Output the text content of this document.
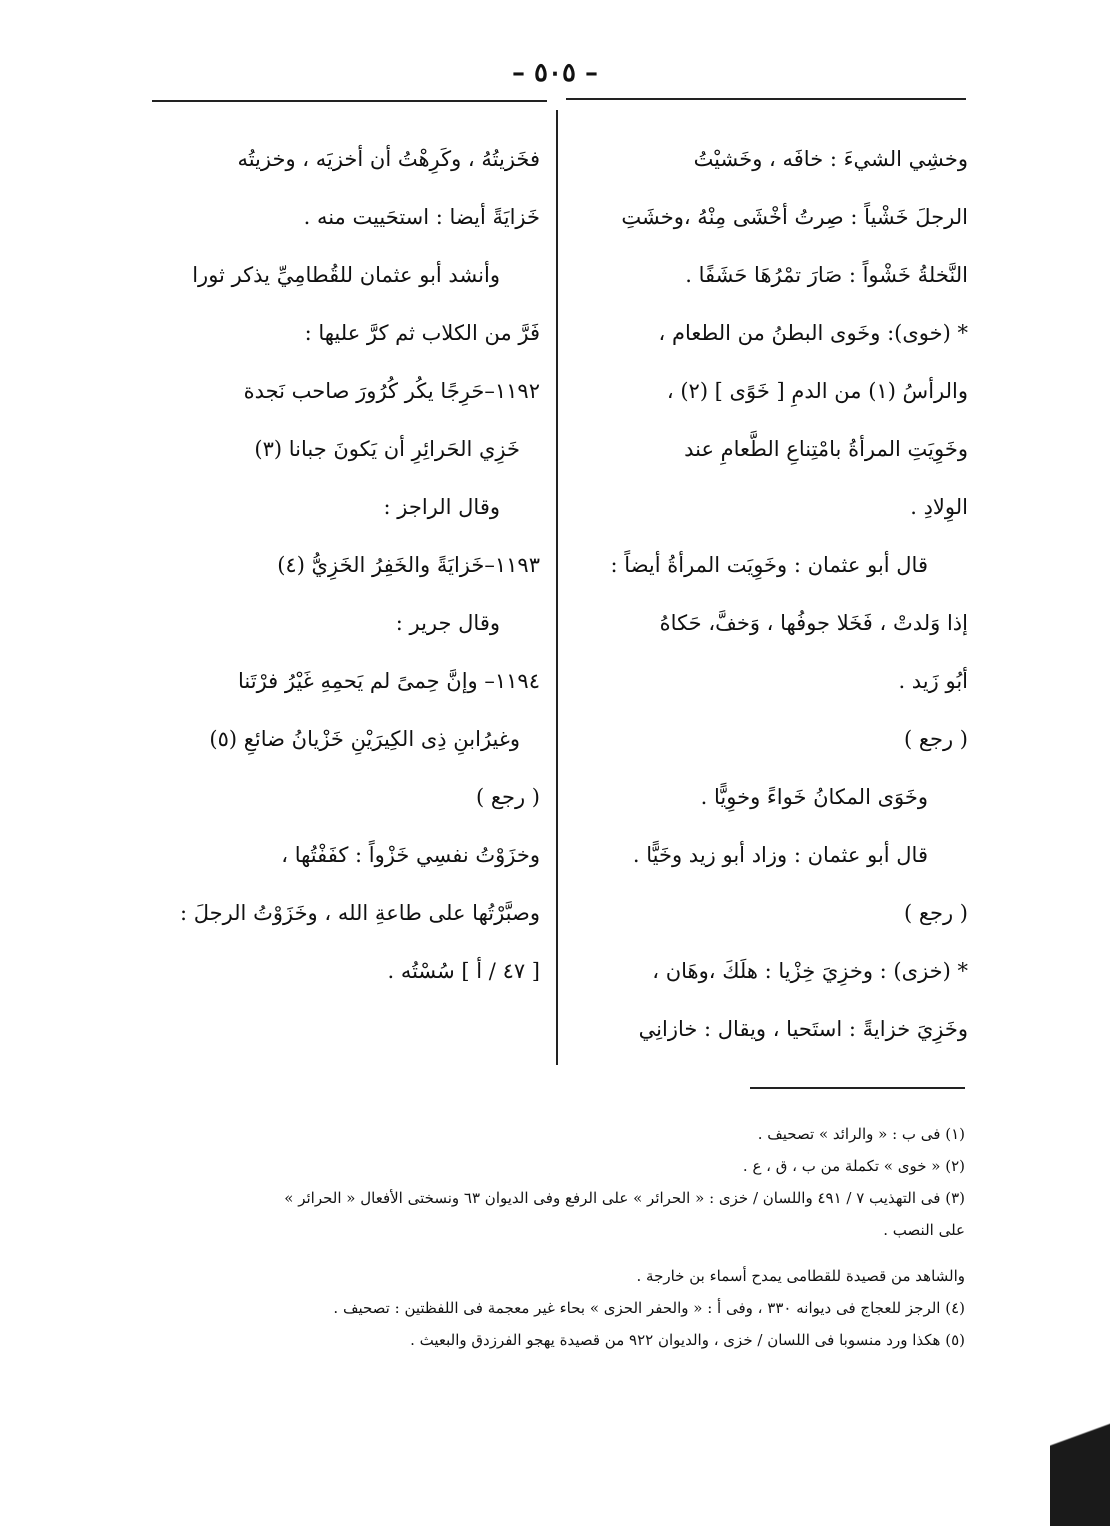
– ٥٠٥ –

وخشِي الشيءَ : خافَه ، وخَشيْتُ

الرجلَ خَشْياً : صِرتُ أخْشَى مِنْهُ ،وخشَتِ

النَّخلةُ خَشْواً : صَارَ تمْرُهَا حَشَفًا .

* (خوى): وخَوى البطنُ من الطعام ،

والرأسُ (١) من الدمِ [ خَوًى ] (٢) ،

وخَوِيَتِ المرأةُ بامْتِناعِ الطَّعامِ عند

الوِلادِ .

قال أبو عثمان : وخَوِيَت المرأةُ أيضاً :

إذا وَلدتْ ، فَخَلا جوفُها ، وَخفَّ، حَكاهُ

أبُو زَيد .

( رجع )

وخَوَى المكانُ خَواءً وخوِيًّا .

قال أبو عثمان : وزاد أبو زيد وخَيًّا .

( رجع )

* (خزى) : وخزِيَ خِزْيا : هلَكَ ،وهَان ،

وخَزِيَ خزايةً : استَحيا ، ويقال : خازانِي

فخَزيتُهُ ، وكَرِهْتُ أن أخزيَه ، وخزيتُه

خَزايَةً أيضا : استحَييت منه .

وأنشد أبو عثمان للقُطامِيِّ يذكر ثورا

فَرَّ من الكلاب ثم كرَّ عليها :

١١٩٢–حَرِجًا يكُر كُرُورَ صاحب نَجدة

خَزِي الحَرائِرِ أن يَكونَ جبانا (٣)

وقال الراجز :

١١٩٣–خَزايَةً والخَفِرُ الخَزِيُّ (٤)

وقال جرير :

١١٩٤– وإنَّ حِمىً لم يَحمِهِ غَيْرُ فرْتَنا

وغيرُابنِ ذِى الكِيرَيْنِ خَزْيانُ ضائعِ (٥)

( رجع )

وخزَوْتُ نفسِي خَزْواً : كفَفْتُها ،

وصبَّرْتُها على طاعةِ الله ، وخَزَوْتُ الرجلَ :

[ ٤٧ / أ ] سُسْتُه .

(١) فى ب : « والرائد » تصحيف .

(٢) « خوى » تكملة من ب ، ق ، ع .

(٣) فى التهذيب ٧ / ٤٩١ واللسان / خزى : « الحرائر » على الرفع وفى الديوان ٦٣ ونسختى الأفعال « الحرائر »

على النصب .

والشاهد من قصيدة للقطامى يمدح أسماء بن خارجة .

(٤) الرجز للعجاج فى ديوانه ٣٣٠ ، وفى أ : « والحفر الحزى » بحاء غير معجمة فى اللفظتين : تصحيف .

(٥) هكذا ورد منسوبا فى اللسان / خزى ، والديوان ٩٢٢ من قصيدة يهجو الفرزدق والبعيث .
